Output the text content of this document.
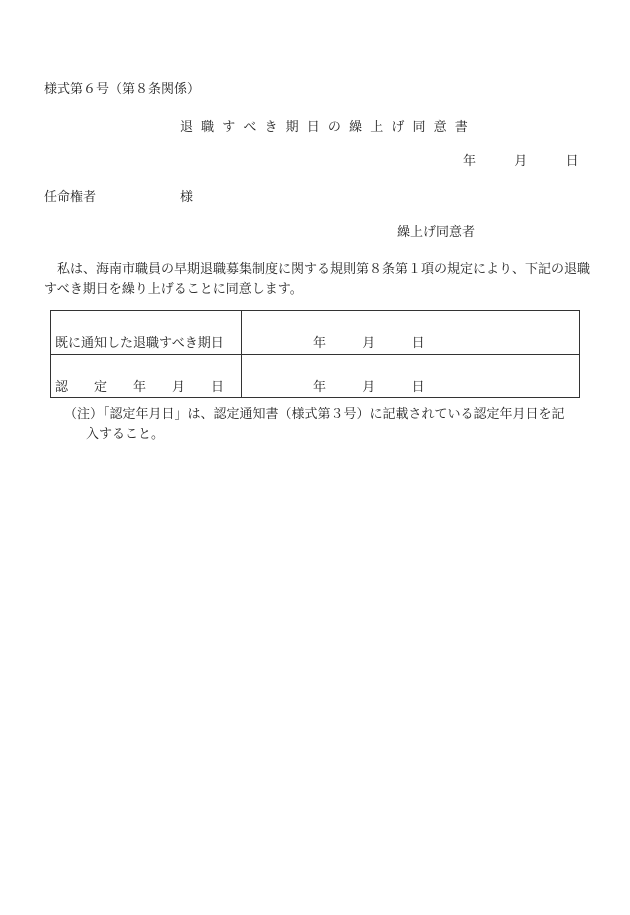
様式第６号（第８条関係）
退 職 す べ き 期 日 の 繰 上 げ 同 意 書
年	月	日
任命権者	様
繰上げ同意者
私は、海南市職員の早期退職募集制度に関する規則第８条第１項の規定により、下記の退職すべき期日を繰り上げることに同意します。
既に通知した退職すべき期日	年	月	日
認　　定　　年　　月　　日	年	月	日
（注）「認定年月日」は、認定通知書（様式第３号）に記載されている認定年月日を記
入すること。
